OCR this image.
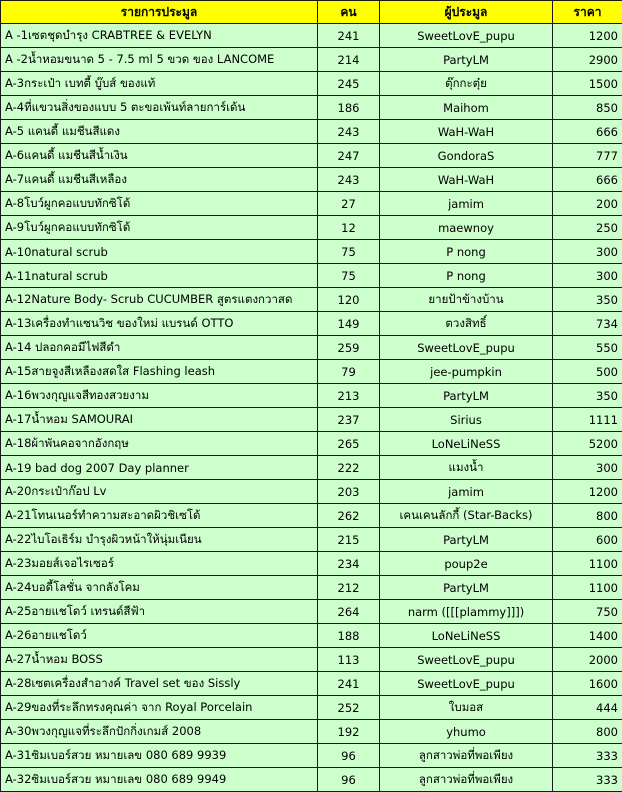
รายการประมูล	คน	ผู้ประมูล	ราคา
A -1เซตชุดบำรุง CRABTREE & EVELYN	241	SweetLovE_pupu	1200
A -2น้ำหอมขนาด 5 - 7.5 ml 5 ขวด ของ LANCOME	214	PartyLM	2900
A-3กระเป๋า เบทตี้ บู๊บส์ ของแท้	245	ตุ๊กกะตุ๋ย	1500
A-4ที่แขวนสิ่งของแบบ 5 ตะขอเพ้นท์ลายการ์เด้น	186	Maihom	850
A-5 แคนดี้ แมชีนสีแดง	243	WaH-WaH	666
A-6แคนดี้ แมชีนสีน้ำเงิน	247	GondoraS	777
A-7แคนดี้ แมชีนสีเหลือง	243	WaH-WaH	666
A-8โบว์ผูกคอแบบทักซิโด้	27	jamim	200
A-9โบว์ผูกคอแบบทักซิโด้	12	maewnoy	250
A-10natural scrub	75	P nong	300
A-11natural scrub	75	P nong	300
A-12Nature Body- Scrub CUCUMBER สูตรแตงกวาสด	120	ยายป้าข้างบ้าน	350
A-13เครื่องทำแซนวิช ของใหม่ แบรนด์ OTTO	149	ตวงสิทธิ์	734
A-14 ปลอกคอมีไฟสีดำ	259	SweetLovE_pupu	550
A-15สายจูงสีเหลืองสดใส Flashing leash	79	jee-pumpkin	500
A-16พวงกุญแจสีทองสวยงาม	213	PartyLM	350
A-17น้ำหอม SAMOURAI	237	Sirius	1111
A-18ผ้าพันคอจากอังกฤษ	265	LoNeLiNeSS	5200
A-19 bad dog 2007 Day planner	222	แมงน้ำ	300
A-20กระเป๋าก๊อป Lv	203	jamim	1200
A-21โทนเนอร์ทำความสะอาดผิวชิเซโด้	262	เคนเคนลักกี้ (Star-Backs)	800
A-22ไบโอเธิร์ม บำรุงผิวหน้าให้นุ่มเนียน	215	PartyLM	600
A-23มอยส์เจอไรเซอร์	234	poup2e	1100
A-24บอดี้โลชั่น จากลังโคม	212	PartyLM	1100
A-25อายแชโดว์ เทรนด์สีฟ้า	264	narm ([[[plammy]]])	750
A-26อายแชโดว์	188	LoNeLiNeSS	1400
A-27น้ำหอม BOSS	113	SweetLovE_pupu	2000
A-28เซตเครื่องสำอางค์ Travel set ของ Sissly	241	SweetLovE_pupu	1600
A-29ของที่ระลึกทรงคุณค่า จาก Royal Porcelain	252	ใบมอส	444
A-30พวงกุญแจที่ระลึกปักกิ่งเกมส์ 2008	192	yhumo	800
A-31ซิมเบอร์สวย หมายเลข 080 689 9939	96	ลูกสาวพ่อที่พอเพียง	333
A-32ซิมเบอร์สวย หมายเลข 080 689 9949	96	ลูกสาวพ่อที่พอเพียง	333
